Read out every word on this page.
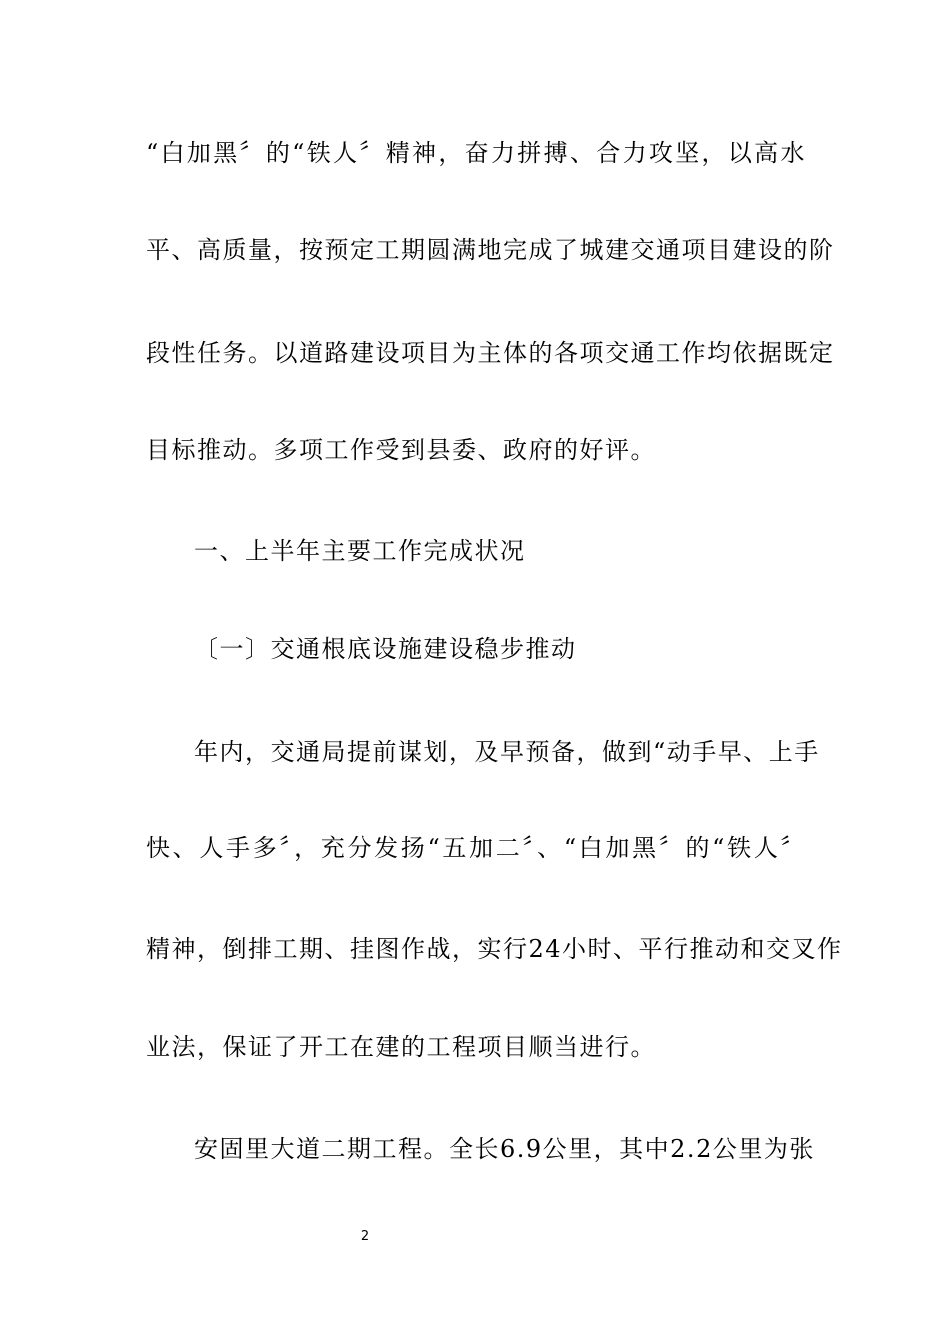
“白加黑〞的“铁人〞精神，奋力拼搏、合力攻坚，以高水
平、高质量，按预定工期圆满地完成了城建交通项目建设的阶
段性任务。以道路建设项目为主体的各项交通工作均依据既定
目标推动。多项工作受到县委、政府的好评。
一、上半年主要工作完成状况
〔一〕交通根底设施建设稳步推动
年内，交通局提前谋划，及早预备，做到“动手早、上手
快、人手多〞，充分发扬“五加二〞、“白加黑〞的“铁人〞
精神，倒排工期、挂图作战，实行24小时、平行推动和交叉作
业法，保证了开工在建的工程项目顺当进行。
安固里大道二期工程。全长6.9公里，其中2.2公里为张
2
